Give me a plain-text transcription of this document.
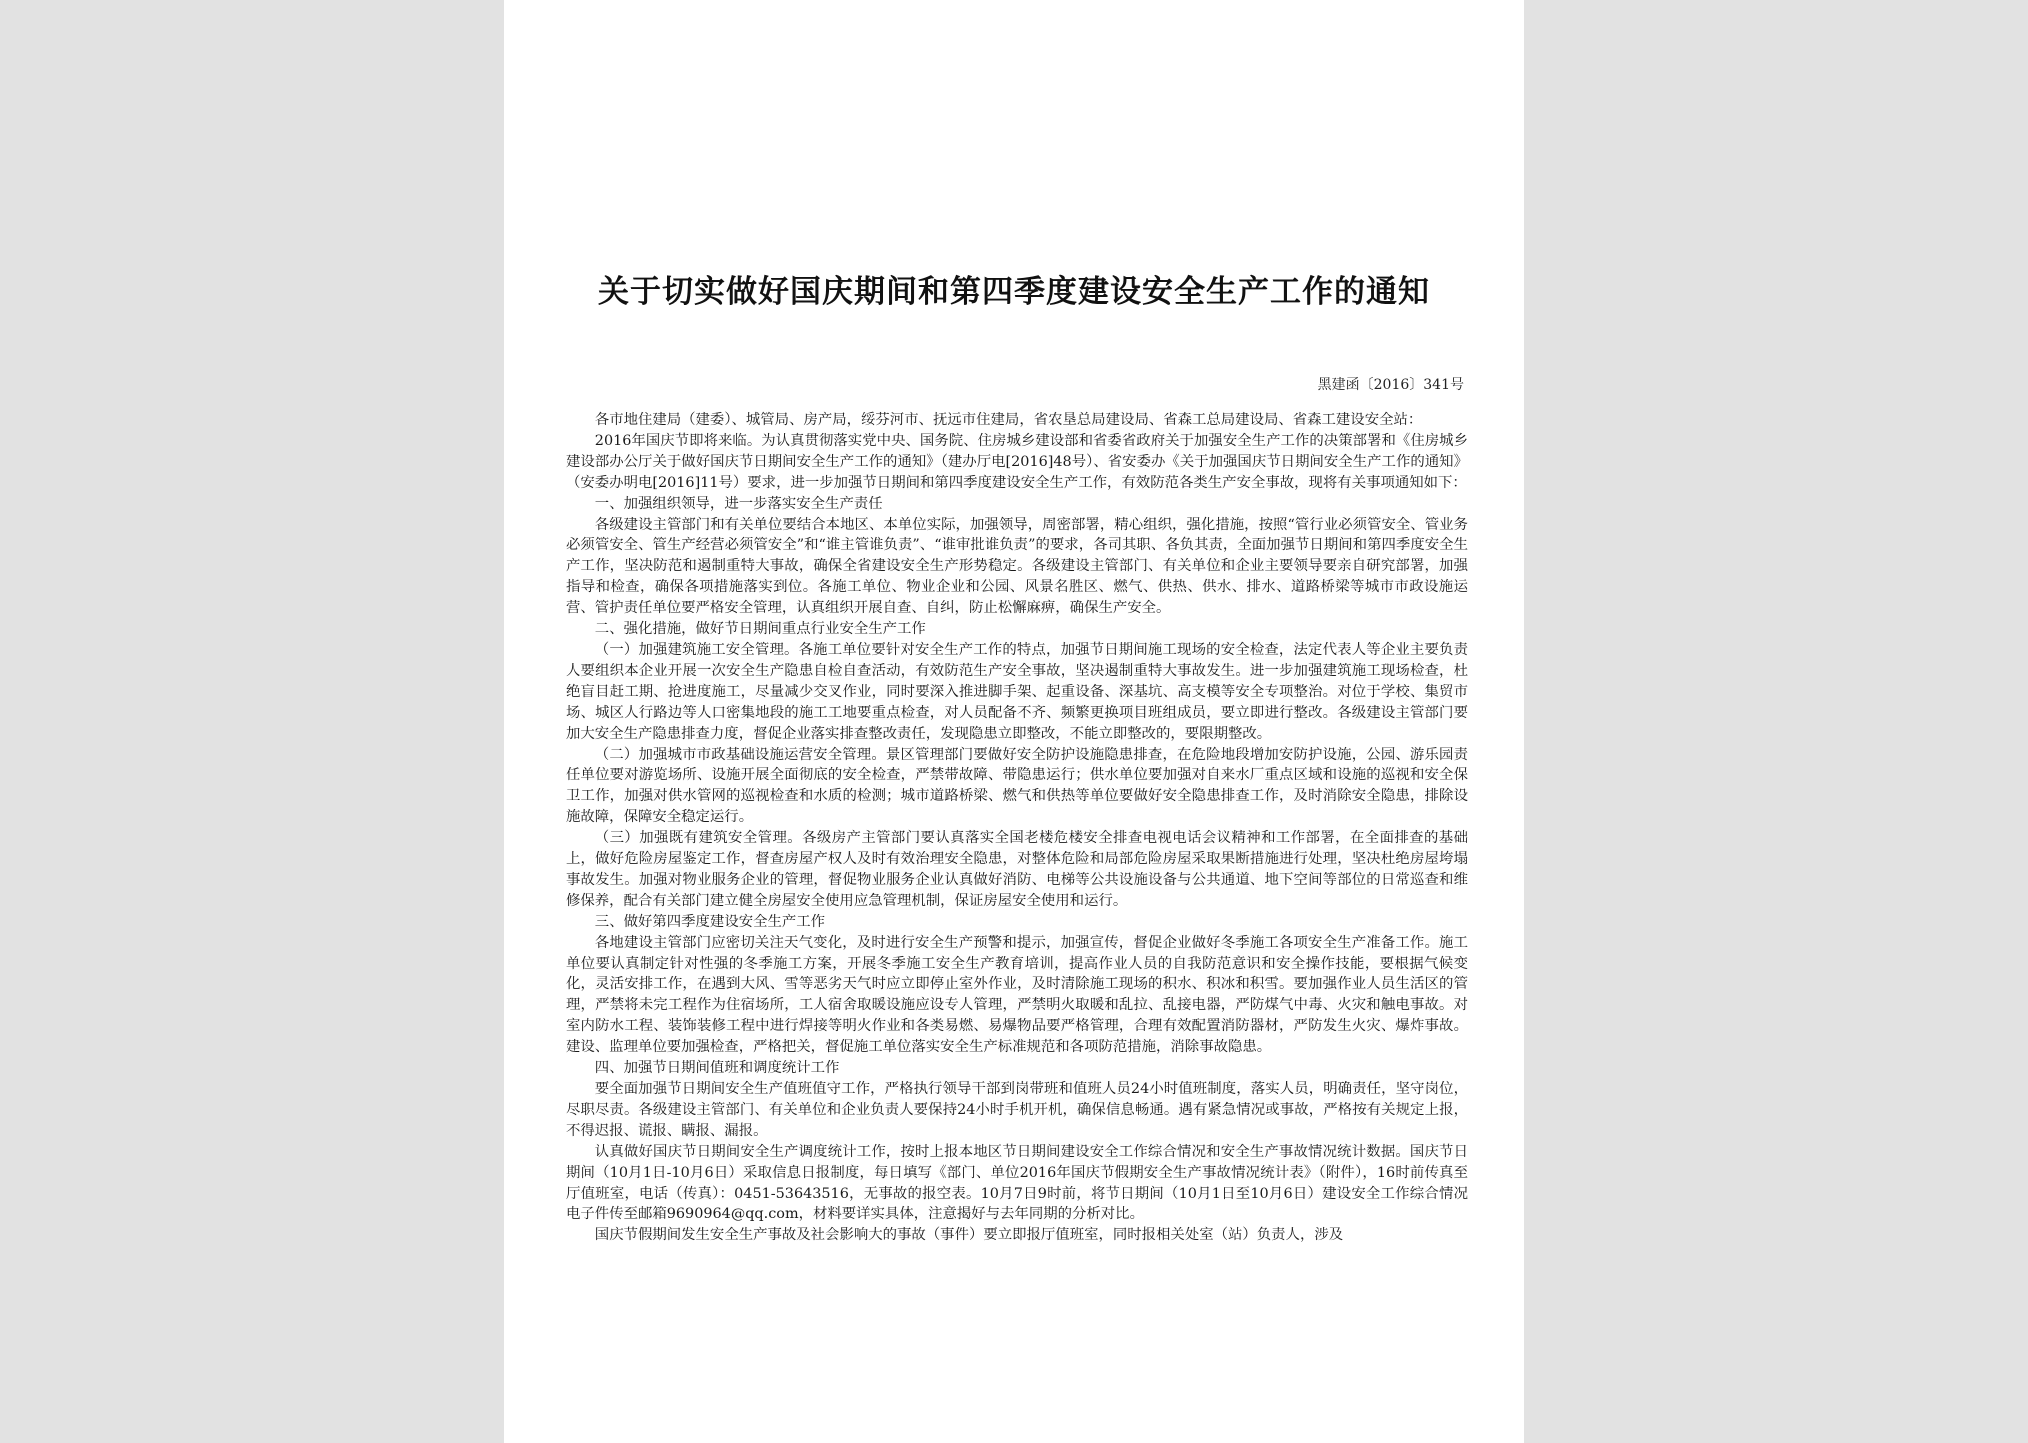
关于切实做好国庆期间和第四季度建设安全生产工作的通知
黑建函〔2016〕341号

各市地住建局（建委）、城管局、房产局，绥芬河市、抚远市住建局，省农垦总局建设局、省森工总局建设局、省森工建设安全站：

2016年国庆节即将来临。为认真贯彻落实党中央、国务院、住房城乡建设部和省委省政府关于加强安全生产工作的决策部署和《住房城乡建设部办公厅关于做好国庆节日期间安全生产工作的通知》（建办厅电[2016]48号）、省安委办《关于加强国庆节日期间安全生产工作的通知》（安委办明电[2016]11号）要求，进一步加强节日期间和第四季度建设安全生产工作，有效防范各类生产安全事故，现将有关事项通知如下：

一、加强组织领导，进一步落实安全生产责任

各级建设主管部门和有关单位要结合本地区、本单位实际，加强领导，周密部署，精心组织，强化措施，按照“管行业必须管安全、管业务必须管安全、管生产经营必须管安全”和“谁主管谁负责”、“谁审批谁负责”的要求，各司其职、各负其责，全面加强节日期间和第四季度安全生产工作，坚决防范和遏制重特大事故，确保全省建设安全生产形势稳定。各级建设主管部门、有关单位和企业主要领导要亲自研究部署，加强指导和检查，确保各项措施落实到位。各施工单位、物业企业和公园、风景名胜区、燃气、供热、供水、排水、道路桥梁等城市市政设施运营、管护责任单位要严格安全管理，认真组织开展自查、自纠，防止松懈麻痹，确保生产安全。

二、强化措施，做好节日期间重点行业安全生产工作

（一）加强建筑施工安全管理。各施工单位要针对安全生产工作的特点，加强节日期间施工现场的安全检查，法定代表人等企业主要负责人要组织本企业开展一次安全生产隐患自检自查活动，有效防范生产安全事故，坚决遏制重特大事故发生。进一步加强建筑施工现场检查，杜绝盲目赶工期、抢进度施工，尽量减少交叉作业，同时要深入推进脚手架、起重设备、深基坑、高支模等安全专项整治。对位于学校、集贸市场、城区人行路边等人口密集地段的施工工地要重点检查，对人员配备不齐、频繁更换项目班组成员，要立即进行整改。各级建设主管部门要加大安全生产隐患排查力度，督促企业落实排查整改责任，发现隐患立即整改，不能立即整改的，要限期整改。

（二）加强城市市政基础设施运营安全管理。景区管理部门要做好安全防护设施隐患排查，在危险地段增加安防护设施，公园、游乐园责任单位要对游览场所、设施开展全面彻底的安全检查，严禁带故障、带隐患运行；供水单位要加强对自来水厂重点区域和设施的巡视和安全保卫工作，加强对供水管网的巡视检查和水质的检测；城市道路桥梁、燃气和供热等单位要做好安全隐患排查工作，及时消除安全隐患，排除设施故障，保障安全稳定运行。

（三）加强既有建筑安全管理。各级房产主管部门要认真落实全国老楼危楼安全排查电视电话会议精神和工作部署，在全面排查的基础上，做好危险房屋鉴定工作，督查房屋产权人及时有效治理安全隐患，对整体危险和局部危险房屋采取果断措施进行处理，坚决杜绝房屋垮塌事故发生。加强对物业服务企业的管理，督促物业服务企业认真做好消防、电梯等公共设施设备与公共通道、地下空间等部位的日常巡查和维修保养，配合有关部门建立健全房屋安全使用应急管理机制，保证房屋安全使用和运行。

三、做好第四季度建设安全生产工作

各地建设主管部门应密切关注天气变化，及时进行安全生产预警和提示，加强宣传，督促企业做好冬季施工各项安全生产准备工作。施工单位要认真制定针对性强的冬季施工方案，开展冬季施工安全生产教育培训，提高作业人员的自我防范意识和安全操作技能，要根据气候变化，灵活安排工作，在遇到大风、雪等恶劣天气时应立即停止室外作业，及时清除施工现场的积水、积冰和积雪。要加强作业人员生活区的管理，严禁将未完工程作为住宿场所，工人宿舍取暖设施应设专人管理，严禁明火取暖和乱拉、乱接电器，严防煤气中毒、火灾和触电事故。对室内防水工程、装饰装修工程中进行焊接等明火作业和各类易燃、易爆物品要严格管理，合理有效配置消防器材，严防发生火灾、爆炸事故。建设、监理单位要加强检查，严格把关，督促施工单位落实安全生产标准规范和各项防范措施，消除事故隐患。

四、加强节日期间值班和调度统计工作

要全面加强节日期间安全生产值班值守工作，严格执行领导干部到岗带班和值班人员24小时值班制度，落实人员，明确责任，坚守岗位，尽职尽责。各级建设主管部门、有关单位和企业负责人要保持24小时手机开机，确保信息畅通。遇有紧急情况或事故，严格按有关规定上报，不得迟报、谎报、瞒报、漏报。

认真做好国庆节日期间安全生产调度统计工作，按时上报本地区节日期间建设安全工作综合情况和安全生产事故情况统计数据。国庆节日期间（10月1日-10月6日）采取信息日报制度，每日填写《部门、单位2016年国庆节假期安全生产事故情况统计表》（附件），16时前传真至厅值班室，电话（传真）：0451-53643516，无事故的报空表。10月7日9时前，将节日期间（10月1日至10月6日）建设安全工作综合情况电子件传至邮箱9690964@qq.com，材料要详实具体，注意揭好与去年同期的分析对比。

国庆节假期间发生安全生产事故及社会影响大的事故（事件）要立即报厅值班室，同时报相关处室（站）负责人，涉及
